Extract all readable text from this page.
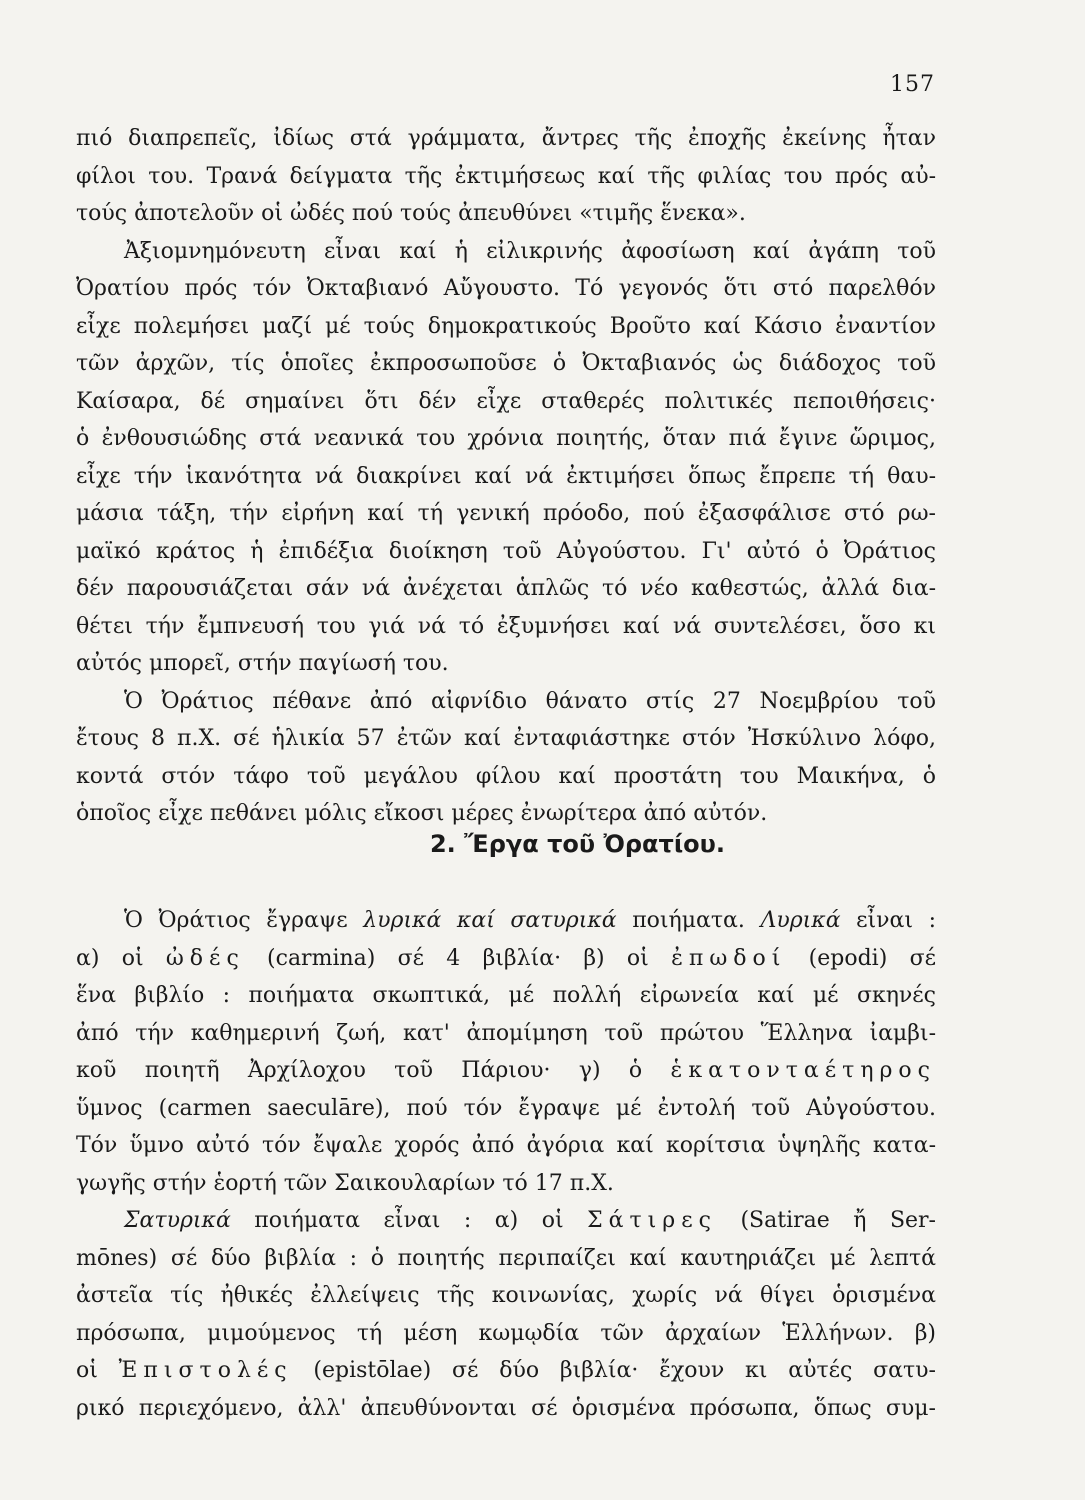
157
πιό διαπρεπεῖς, ἰδίως στά γράμματα, ἄντρες τῆς ἐποχῆς ἐκείνης ἦταν
φίλοι του. Τρανά δείγματα τῆς ἐκτιμήσεως καί τῆς φιλίας του πρός αὐ-
τούς ἀποτελοῦν οἱ ὠδές πού τούς ἀπευθύνει «τιμῆς ἕνεκα».
Ἀξιομνημόνευτη εἶναι καί ἡ εἰλικρινής ἀφοσίωση καί ἀγάπη τοῦ
Ὀρατίου πρός τόν Ὀκταβιανό Αὔγουστο. Τό γεγονός ὅτι στό παρελθόν
εἶχε πολεμήσει μαζί μέ τούς δημοκρατικούς Βροῦτο καί Κάσιο ἐναντίον
τῶν ἀρχῶν, τίς ὁποῖες ἐκπροσωποῦσε ὁ Ὀκταβιανός ὡς διάδοχος τοῦ
Καίσαρα, δέ σημαίνει ὅτι δέν εἶχε σταθερές πολιτικές πεποιθήσεις·
ὁ ἐνθουσιώδης στά νεανικά του χρόνια ποιητής, ὅταν πιά ἔγινε ὥριμος,
εἶχε τήν ἱκανότητα νά διακρίνει καί νά ἐκτιμήσει ὅπως ἔπρεπε τή θαυ-
μάσια τάξη, τήν εἰρήνη καί τή γενική πρόοδο, πού ἐξασφάλισε στό ρω-
μαϊκό κράτος ἡ ἐπιδέξια διοίκηση τοῦ Αὐγούστου. Γι' αὐτό ὁ Ὀράτιος
δέν παρουσιάζεται σάν νά ἀνέχεται ἁπλῶς τό νέο καθεστώς, ἀλλά δια-
θέτει τήν ἔμπνευσή του γιά νά τό ἐξυμνήσει καί νά συντελέσει, ὅσο κι
αὐτός μπορεῖ, στήν παγίωσή του.
Ὁ Ὀράτιος πέθανε ἀπό αἰφνίδιο θάνατο στίς 27 Νοεμβρίου τοῦ
ἔτους 8 π.Χ. σέ ἡλικία 57 ἐτῶν καί ἐνταφιάστηκε στόν Ἠσκύλινο λόφο,
κοντά στόν τάφο τοῦ μεγάλου φίλου καί προστάτη του Μαικήνα, ὁ
ὁποῖος εἶχε πεθάνει μόλις εἴκοσι μέρες ἐνωρίτερα ἀπό αὐτόν.
2. Ἔργα τοῦ Ὀρατίου.
Ὁ Ὀράτιος ἔγραψε λυρικά καί σατυρικά ποιήματα. Λυρικά εἶναι :
α) οἱ ὠδές (carmina) σέ 4 βιβλία· β) οἱ ἐπωδοί (epodi) σέ
ἕνα βιβλίο : ποιήματα σκωπτικά, μέ πολλή εἰρωνεία καί μέ σκηνές
ἀπό τήν καθημερινή ζωή, κατ' ἀπομίμηση τοῦ πρώτου Ἕλληνα ἰαμβι-
κοῦ ποιητῆ Ἀρχίλοχου τοῦ Πάριου· γ) ὁ ἑκατονταέτηρος
ὕμνος (carmen saeculāre), πού τόν ἔγραψε μέ ἐντολή τοῦ Αὐγούστου.
Τόν ὕμνο αὐτό τόν ἔψαλε χορός ἀπό ἀγόρια καί κορίτσια ὑψηλῆς κατα-
γωγῆς στήν ἑορτή τῶν Σαικουλαρίων τό 17 π.Χ.
Σατυρικά ποιήματα εἶναι : α) οἱ Σάτιρες (Satirae ἤ Ser-
mōnes) σέ δύο βιβλία : ὁ ποιητής περιπαίζει καί καυτηριάζει μέ λεπτά
ἀστεῖα τίς ἠθικές ἐλλείψεις τῆς κοινωνίας, χωρίς νά θίγει ὁρισμένα
πρόσωπα, μιμούμενος τή μέση κωμῳδία τῶν ἀρχαίων Ἑλλήνων. β)
οἱ Ἐπιστολές (epistōlae) σέ δύο βιβλία· ἔχουν κι αὐτές σατυ-
ρικό περιεχόμενο, ἀλλ' ἀπευθύνονται σέ ὁρισμένα πρόσωπα, ὅπως συμ-
